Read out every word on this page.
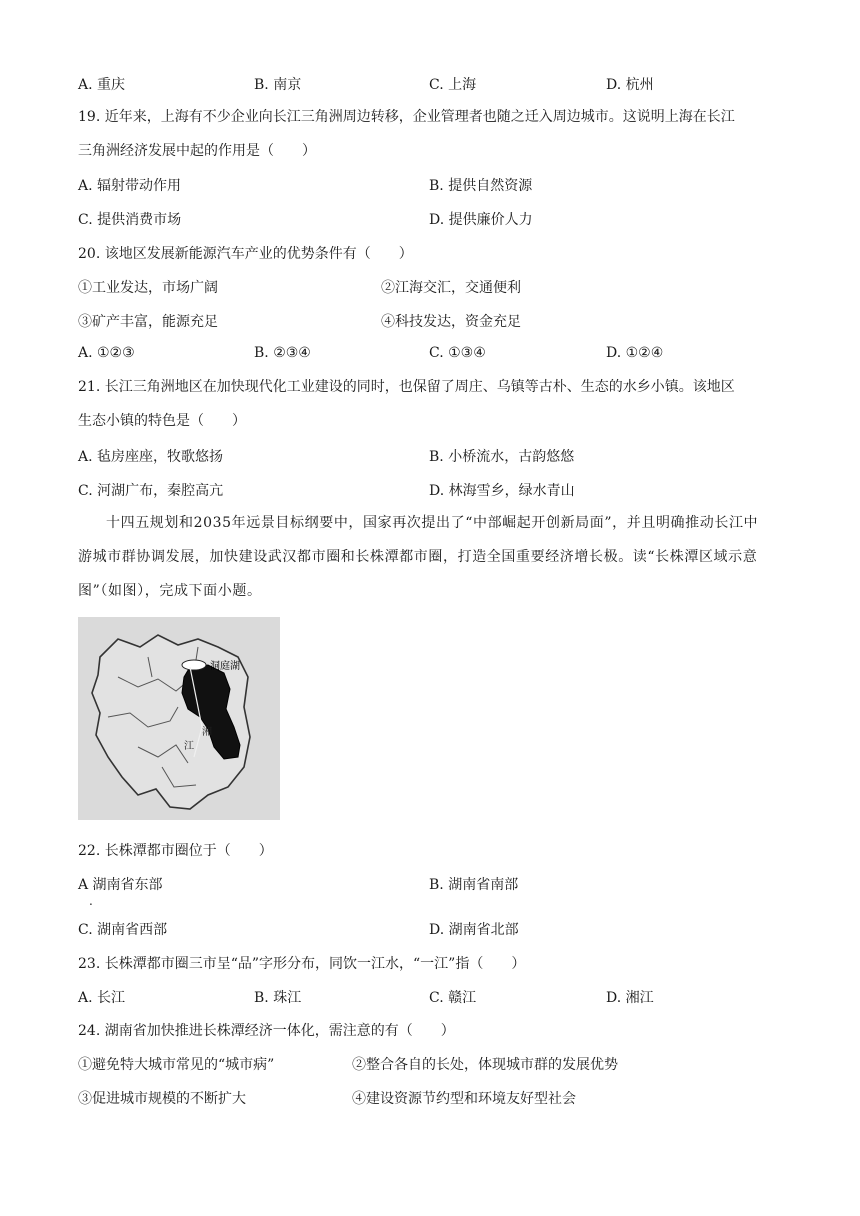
A. 重庆	B. 南京	C. 上海	D. 杭州
19. 近年来，上海有不少企业向长江三角洲周边转移，企业管理者也随之迁入周边城市。这说明上海在长江
三角洲经济发展中起的作用是（　　）
A. 辐射带动作用	B. 提供自然资源
C. 提供消费市场	D. 提供廉价人力
20. 该地区发展新能源汽车产业的优势条件有（　　）
①工业发达，市场广阔	②江海交汇，交通便利
③矿产丰富，能源充足	④科技发达，资金充足
A. ①②③	B. ②③④	C. ①③④	D. ①②④
21. 长江三角洲地区在加快现代化工业建设的同时，也保留了周庄、乌镇等古朴、生态的水乡小镇。该地区
生态小镇的特色是（　　）
A. 毡房座座，牧歌悠扬	B. 小桥流水，古韵悠悠
C. 河湖广布，秦腔高亢	D. 林海雪乡，绿水青山
十四五规划和2035年远景目标纲要中，国家再次提出了“中部崛起开创新局面”，并且明确推动长江中
游城市群协调发展，加快建设武汉都市圈和长株潭都市圈，打造全国重要经济增长极。读“长株潭区域示意
图”（如图），完成下面小题。
洞庭湖
湘
江
22. 长株潭都市圈位于（　　）
A 湖南省东部	B. 湖南省南部
.
C. 湖南省西部	D. 湖南省北部
23. 长株潭都市圈三市呈“品”字形分布，同饮一江水，“一江”指（　　）
A. 长江	B. 珠江	C. 赣江	D. 湘江
24. 湖南省加快推进长株潭经济一体化，需注意的有（　　）
①避免特大城市常见的“城市病”	②整合各自的长处，体现城市群的发展优势
③促进城市规模的不断扩大	④建设资源节约型和环境友好型社会
